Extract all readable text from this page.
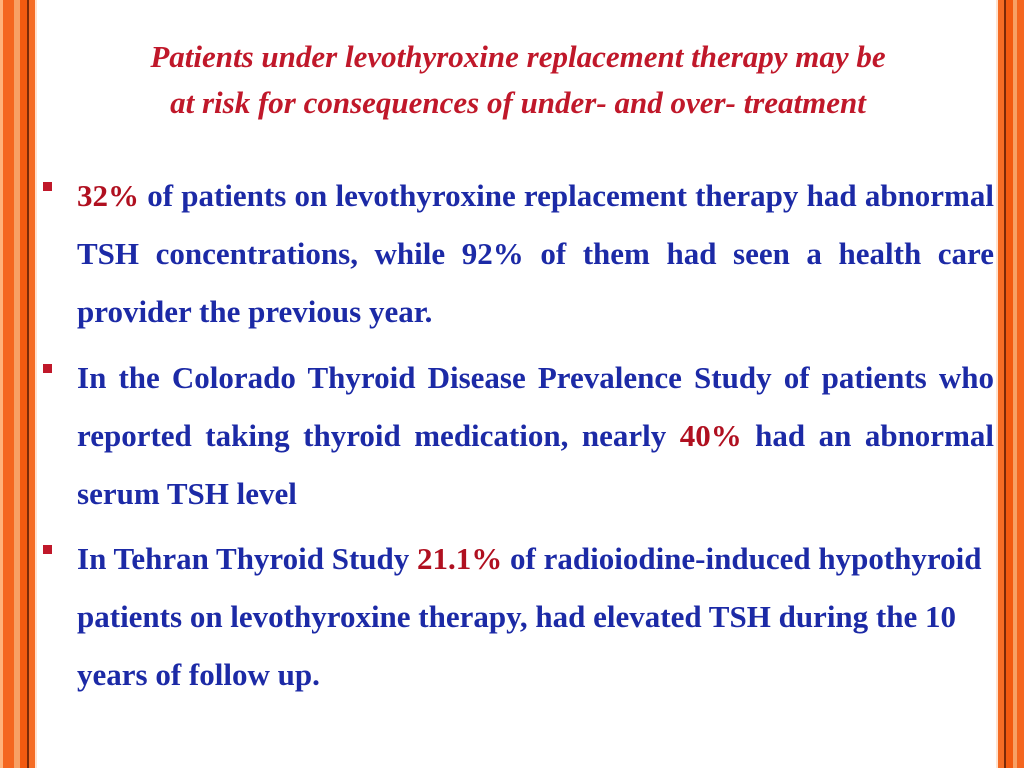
Patients under levothyroxine replacement therapy may be
at risk for consequences of under- and over- treatment

32% of patients on levothyroxine replacement therapy had abnormal TSH concentrations, while 92% of them had seen a health care provider the previous year.

In the Colorado Thyroid Disease Prevalence Study of patients who reported taking thyroid medication, nearly 40% had an abnormal serum TSH level

In Tehran Thyroid Study 21.1% of radioiodine-induced hypothyroid patients on levothyroxine therapy, had elevated TSH during the 10 years of follow up.
